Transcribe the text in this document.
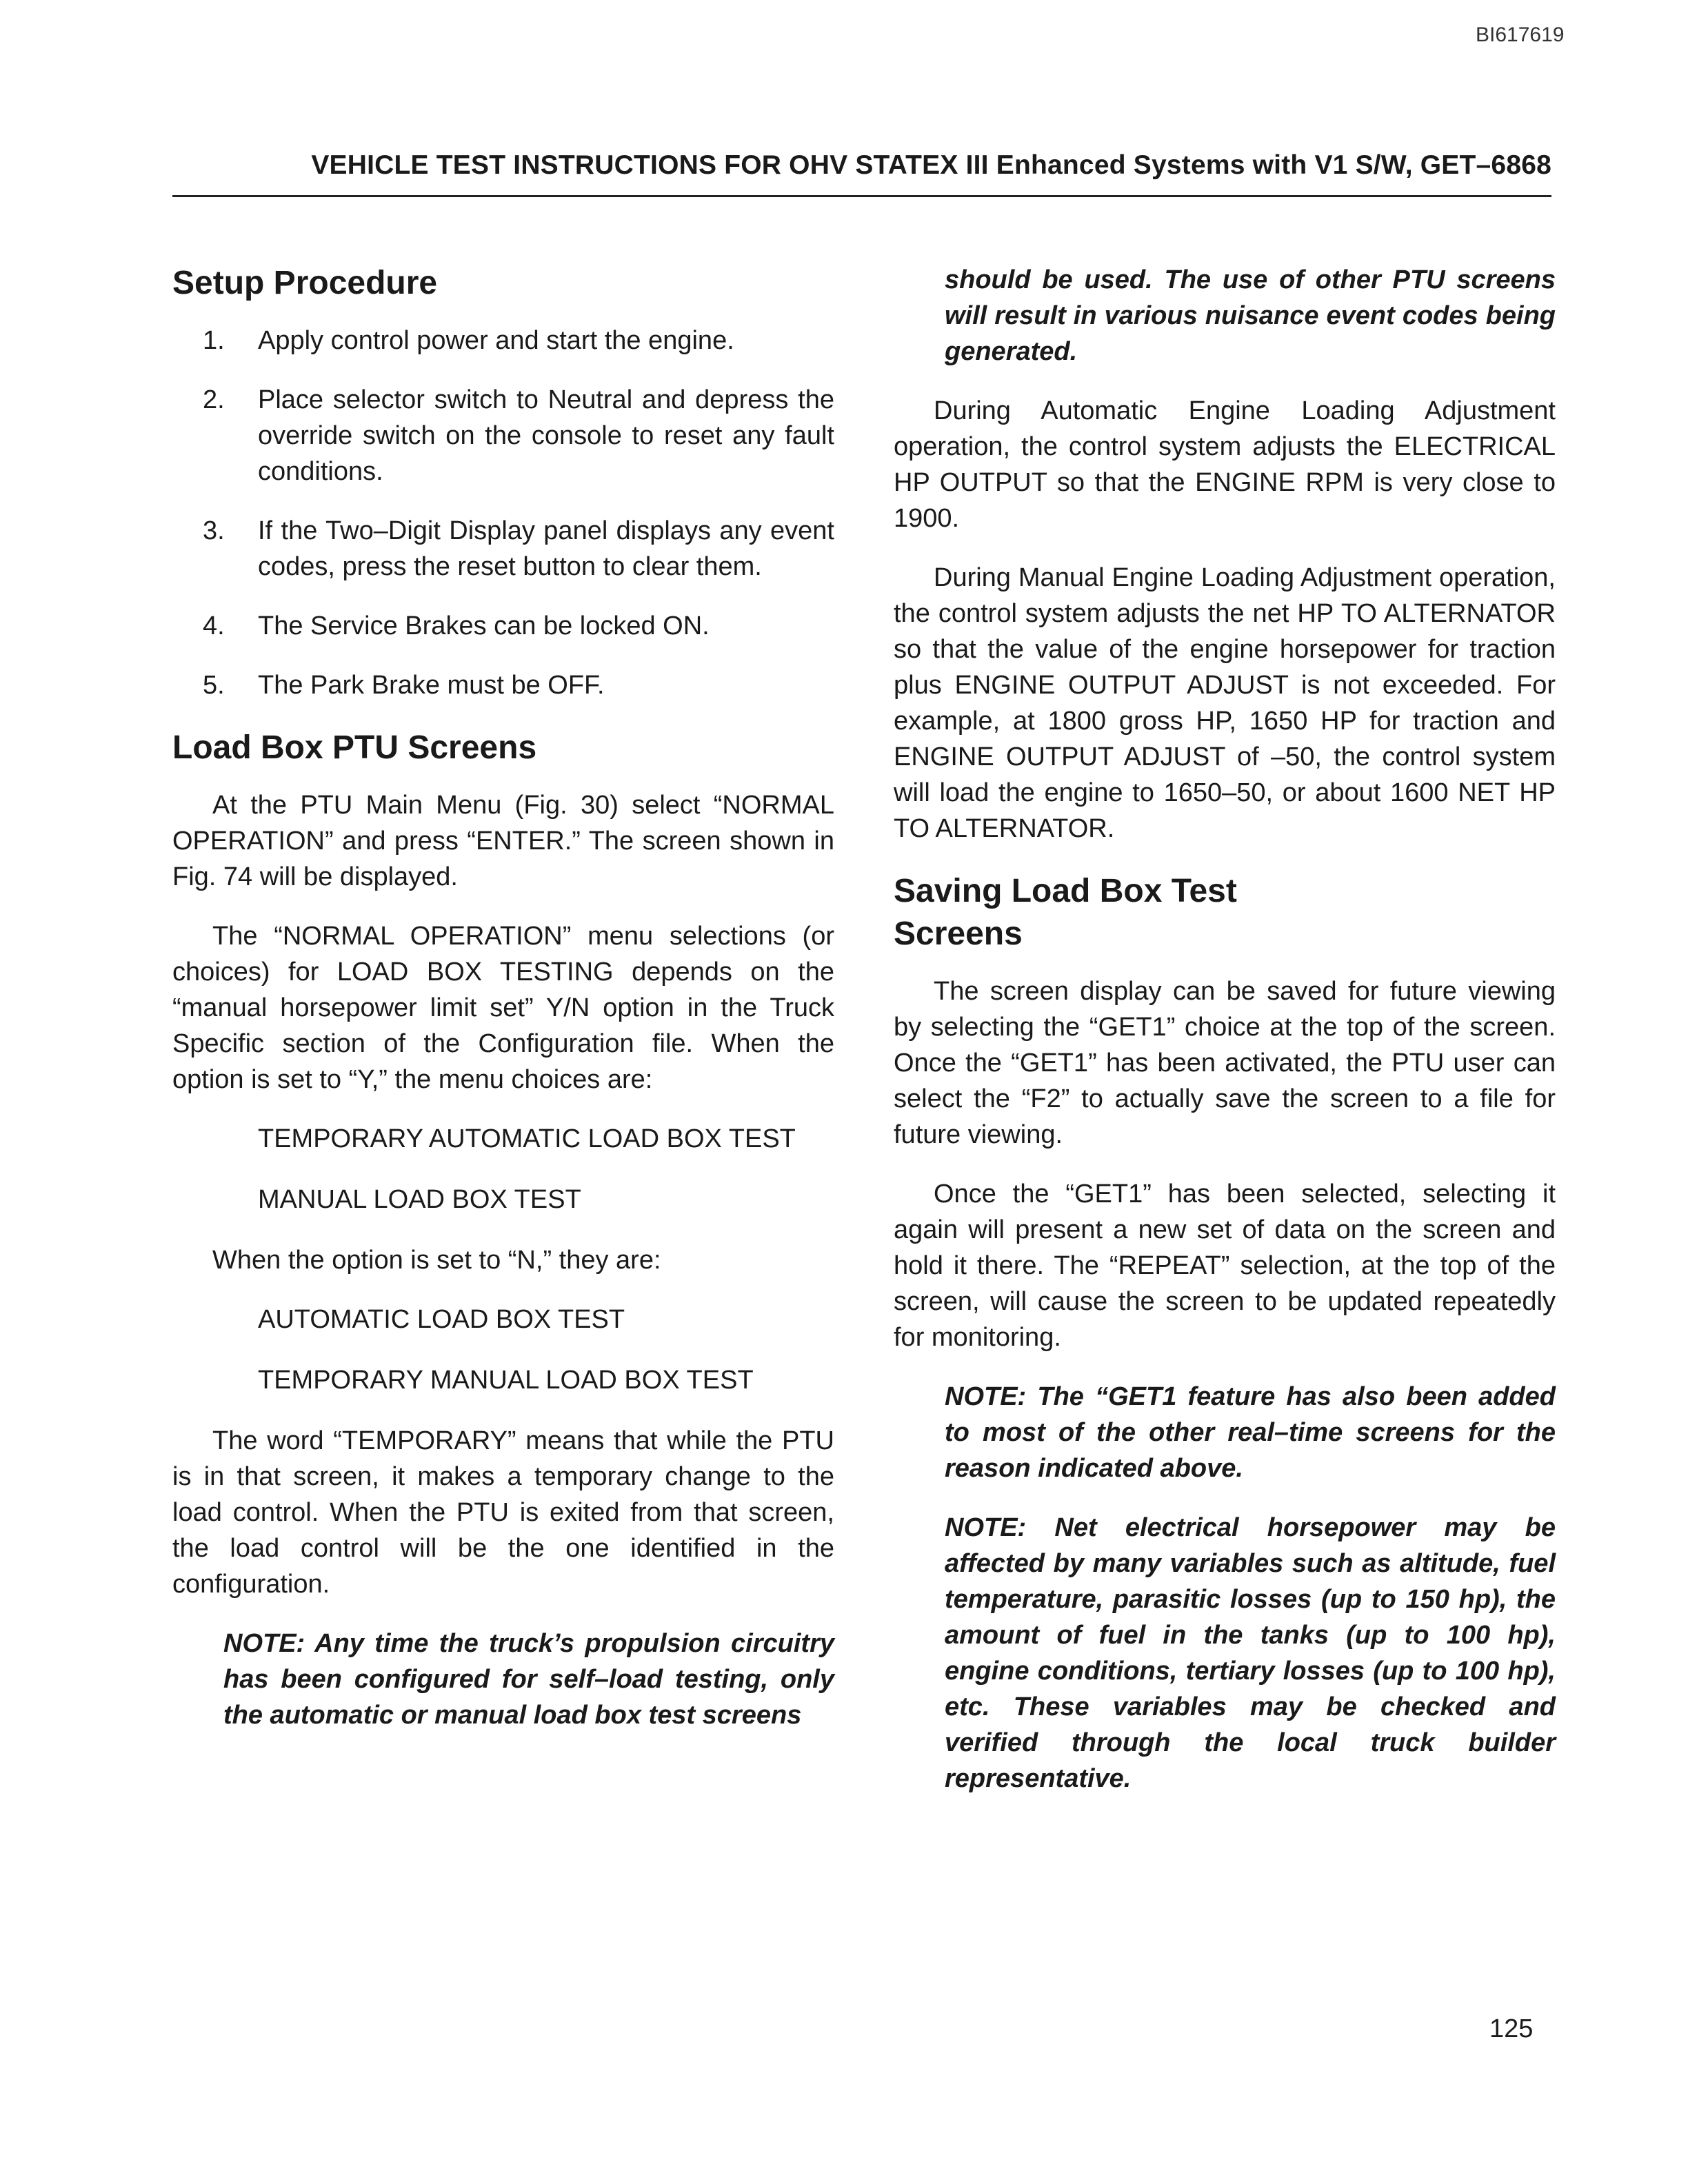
BI617619
VEHICLE TEST INSTRUCTIONS FOR OHV STATEX III Enhanced Systems with V1 S/W, GET–6868
Setup Procedure
1. Apply control power and start the engine.
2. Place selector switch to Neutral and depress the override switch on the console to reset any fault conditions.
3. If the Two–Digit Display panel displays any event codes, press the reset button to clear them.
4. The Service Brakes can be locked ON.
5. The Park Brake must be OFF.
Load Box PTU Screens

At the PTU Main Menu (Fig. 30) select “NORMAL OPERATION” and press “ENTER.” The screen shown in Fig. 74 will be displayed.

The “NORMAL OPERATION” menu selections (or choices) for LOAD BOX TESTING depends on the “manual horsepower limit set” Y/N option in the Truck Specific section of the Configuration file. When the option is set to “Y,” the menu choices are:

TEMPORARY AUTOMATIC LOAD BOX TEST
MANUAL LOAD BOX TEST

When the option is set to “N,” they are:

AUTOMATIC LOAD BOX TEST
TEMPORARY MANUAL LOAD BOX TEST

The word “TEMPORARY” means that while the PTU is in that screen, it makes a temporary change to the load control. When the PTU is exited from that screen, the load control will be the one identified in the configuration.

NOTE: Any time the truck’s propulsion circuitry has been configured for self–load testing, only the automatic or manual load box test screens
should be used. The use of other PTU screens will result in various nuisance event codes being generated.

During Automatic Engine Loading Adjustment operation, the control system adjusts the ELECTRICAL HP OUTPUT so that the ENGINE RPM is very close to 1900.

During Manual Engine Loading Adjustment operation, the control system adjusts the net HP TO ALTERNATOR so that the value of the engine horsepower for traction plus ENGINE OUTPUT ADJUST is not exceeded. For example, at 1800 gross HP, 1650 HP for traction and ENGINE OUTPUT ADJUST of –50, the control system will load the engine to 1650–50, or about 1600 NET HP TO ALTERNATOR.

Saving Load Box Test
Screens

The screen display can be saved for future viewing by selecting the “GET1” choice at the top of the screen. Once the “GET1” has been activated, the PTU user can select the “F2” to actually save the screen to a file for future viewing.

Once the “GET1” has been selected, selecting it again will present a new set of data on the screen and hold it there. The “REPEAT” selection, at the top of the screen, will cause the screen to be updated repeatedly for monitoring.

NOTE: The “GET1 feature has also been added to most of the other real–time screens for the reason indicated above.
NOTE: Net electrical horsepower may be affected by many variables such as altitude, fuel temperature, parasitic losses (up to 150 hp), the amount of fuel in the tanks (up to 100 hp), engine conditions, tertiary losses (up to 100 hp), etc. These variables may be checked and verified through the local truck builder representative.
125
